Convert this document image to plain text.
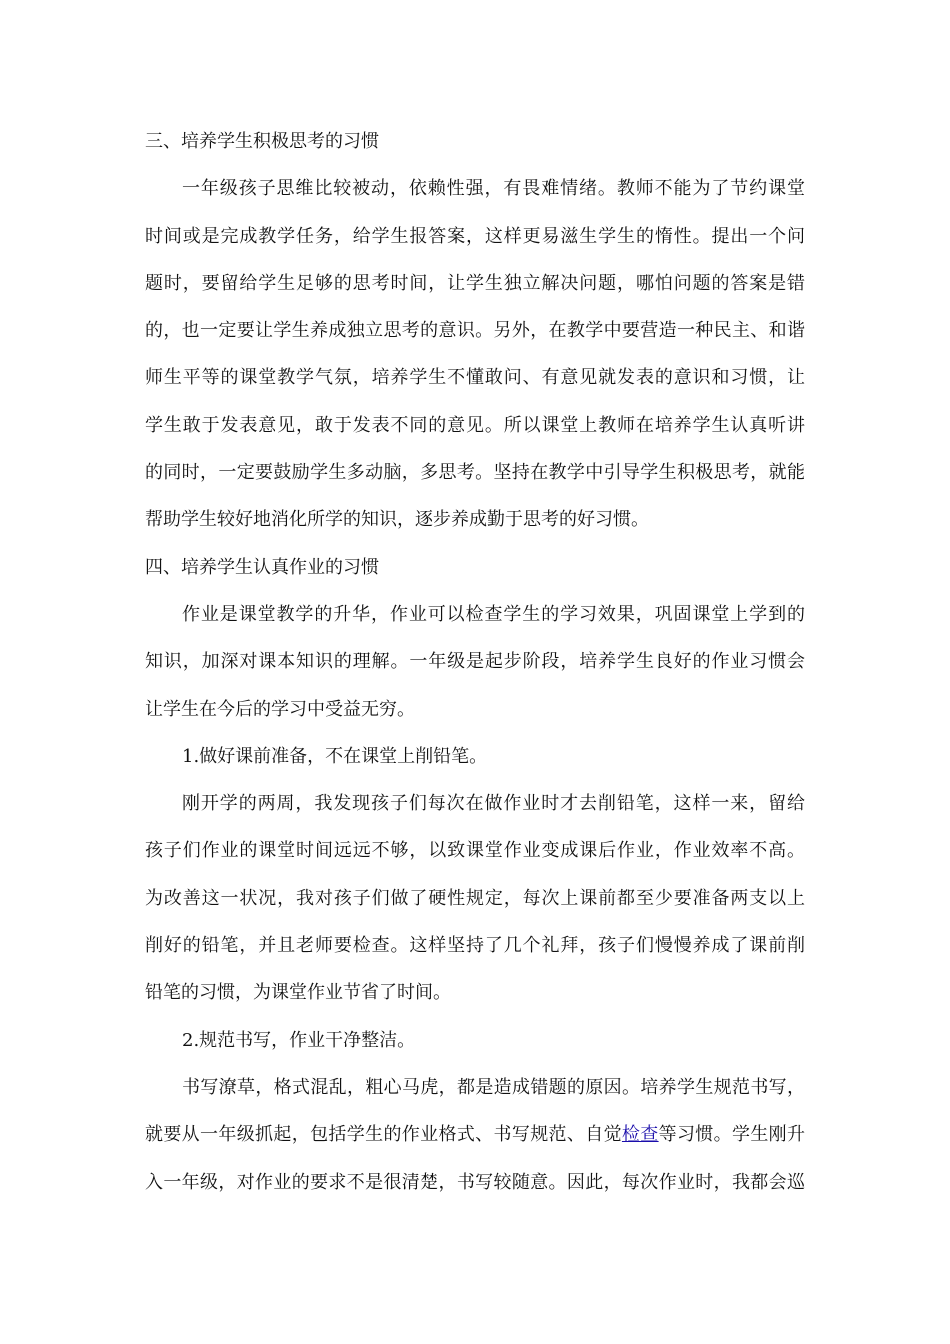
三、培养学生积极思考的习惯
一年级孩子思维比较被动，依赖性强，有畏难情绪。教师不能为了节约课堂
时间或是完成教学任务，给学生报答案，这样更易滋生学生的惰性。提出一个问
题时，要留给学生足够的思考时间，让学生独立解决问题，哪怕问题的答案是错
的，也一定要让学生养成独立思考的意识。另外，在教学中要营造一种民主、和谐
师生平等的课堂教学气氛，培养学生不懂敢问、有意见就发表的意识和习惯，让
学生敢于发表意见，敢于发表不同的意见。所以课堂上教师在培养学生认真听讲
的同时，一定要鼓励学生多动脑，多思考。坚持在教学中引导学生积极思考，就能
帮助学生较好地消化所学的知识，逐步养成勤于思考的好习惯。
四、培养学生认真作业的习惯
作业是课堂教学的升华，作业可以检查学生的学习效果，巩固课堂上学到的
知识，加深对课本知识的理解。一年级是起步阶段，培养学生良好的作业习惯会
让学生在今后的学习中受益无穷。
1.做好课前准备，不在课堂上削铅笔。
刚开学的两周，我发现孩子们每次在做作业时才去削铅笔，这样一来，留给
孩子们作业的课堂时间远远不够，以致课堂作业变成课后作业，作业效率不高。
为改善这一状况，我对孩子们做了硬性规定，每次上课前都至少要准备两支以上
削好的铅笔，并且老师要检查。这样坚持了几个礼拜，孩子们慢慢养成了课前削
铅笔的习惯，为课堂作业节省了时间。
2.规范书写，作业干净整洁。
书写潦草，格式混乱，粗心马虎，都是造成错题的原因。培养学生规范书写，
就要从一年级抓起，包括学生的作业格式、书写规范、自觉检查等习惯。学生刚升
入一年级，对作业的要求不是很清楚，书写较随意。因此，每次作业时，我都会巡
